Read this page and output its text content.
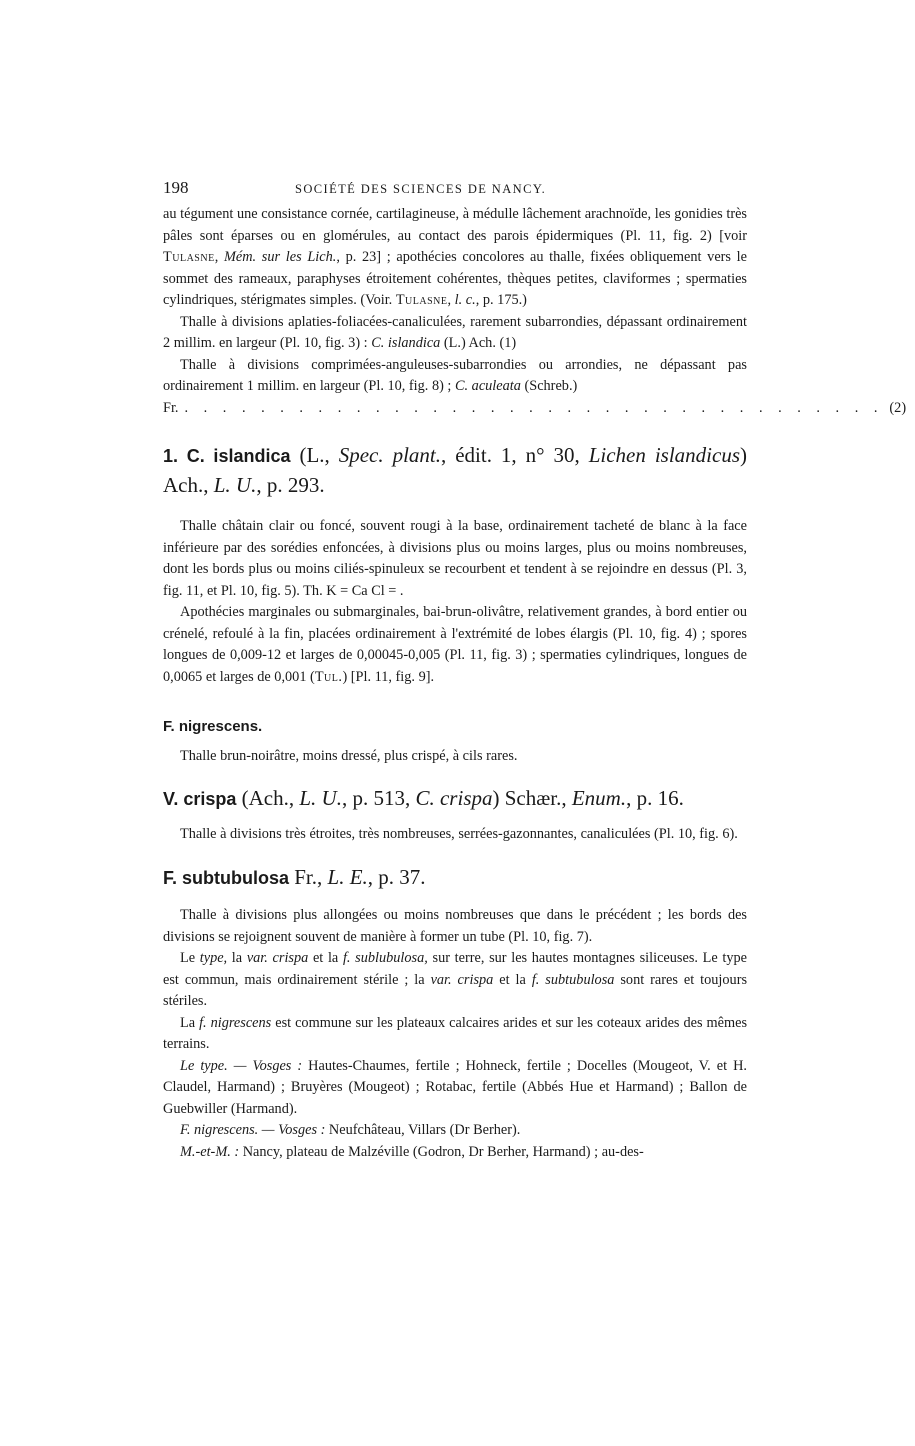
198	SOCIÉTÉ DES SCIENCES DE NANCY.

au tégument une consistance cornée, cartilagineuse, à médulle lâchement arachnoïde, les gonidies très pâles sont éparses ou en glomérules, au contact des parois épidermiques (Pl. 11, fig. 2) [voir Tulasne, Mém. sur les Lich., p. 23] ; apothécies concolores au thalle, fixées obliquement vers le sommet des rameaux, paraphyses étroitement cohérentes, thèques petites, claviformes ; spermaties cylindriques, stérigmates simples. (Voir. Tulasne, l. c., p. 175.)

Thalle à divisions aplaties-foliacées-canaliculées, rarement subarrondies, dépassant ordinairement 2 millim. en largeur (Pl. 10, fig. 3) : C. islandica (L.) Ach. (1)

Thalle à divisions comprimées-anguleuses-subarrondies ou arrondies, ne dépassant pas ordinairement 1 millim. en largeur (Pl. 10, fig. 8) ; C. aculeata (Schreb.)

Fr. . . . . . . . . . . . . . . . . . . . . . . . . . . . . . . . . . . . . . (2)
1. C. islandica (L., Spec. plant., édit. 1, n° 30, Lichen islandicus) Ach., L. U., p. 293.

Thalle châtain clair ou foncé, souvent rougi à la base, ordinairement tacheté de blanc à la face inférieure par des sorédies enfoncées, à divisions plus ou moins larges, plus ou moins nombreuses, dont les bords plus ou moins ciliés-spinuleux se recourbent et tendent à se rejoindre en dessus (Pl. 3, fig. 11, et Pl. 10, fig. 5). Th. K = Ca Cl = .

Apothécies marginales ou submarginales, bai-brun-olivâtre, relativement grandes, à bord entier ou crénelé, refoulé à la fin, placées ordinairement à l'extrémité de lobes élargis (Pl. 10, fig. 4) ; spores longues de 0,009-12 et larges de 0,00045-0,005 (Pl. 11, fig. 3) ; spermaties cylindriques, longues de 0,0065 et larges de 0,001 (Tul.) [Pl. 11, fig. 9].

F. nigrescens.

Thalle brun-noirâtre, moins dressé, plus crispé, à cils rares.

V. crispa (Ach., L. U., p. 513, C. crispa) Schær., Enum., p. 16.

Thalle à divisions très étroites, très nombreuses, serrées-gazonnantes, canaliculées (Pl. 10, fig. 6).

F. subtubulosa Fr., L. E., p. 37.

Thalle à divisions plus allongées ou moins nombreuses que dans le précédent ; les bords des divisions se rejoignent souvent de manière à former un tube (Pl. 10, fig. 7).

Le type, la var. crispa et la f. sublubulosa, sur terre, sur les hautes montagnes siliceuses. Le type est commun, mais ordinairement stérile ; la var. crispa et la f. subtubulosa sont rares et toujours stériles.

La f. nigrescens est commune sur les plateaux calcaires arides et sur les coteaux arides des mêmes terrains.

Le type. — Vosges : Hautes-Chaumes, fertile ; Hohneck, fertile ; Docelles (Mougeot, V. et H. Claudel, Harmand) ; Bruyères (Mougeot) ; Rotabac, fertile (Abbés Hue et Harmand) ; Ballon de Guebwiller (Harmand).

F. nigrescens. — Vosges : Neufchâteau, Villars (Dr Berher).

M.-et-M. : Nancy, plateau de Malzéville (Godron, Dr Berher, Harmand) ; au-des-
